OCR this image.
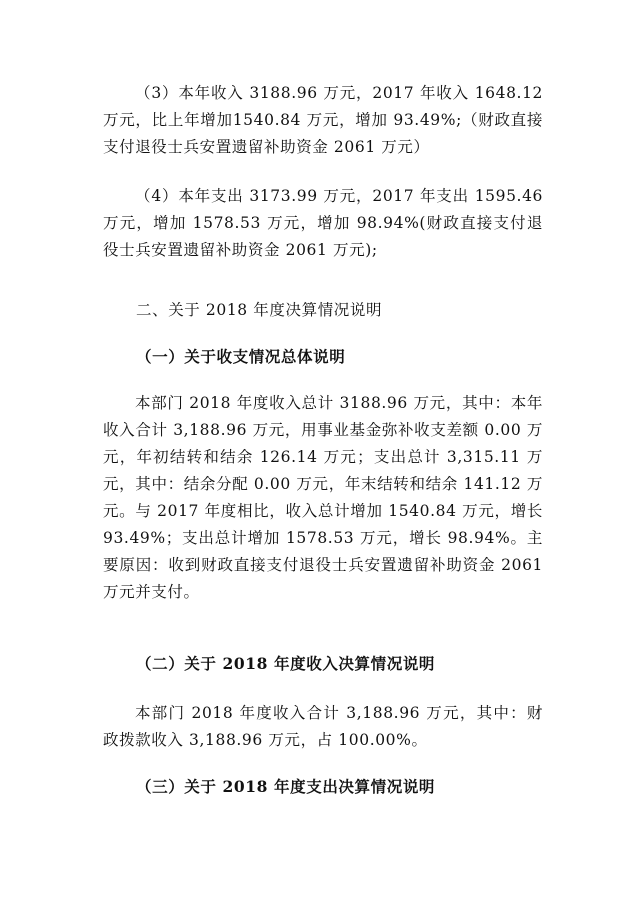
（3）本年收入 3188.96 万元，2017 年收入 1648.12 万元，比上年增加1540.84 万元，增加 93.49%;（财政直接支付退役士兵安置遗留补助资金 2061 万元）

（4）本年支出 3173.99 万元，2017 年支出 1595.46 万元，增加 1578.53 万元，增加 98.94%(财政直接支付退役士兵安置遗留补助资金 2061 万元);

二、关于 2018 年度决算情况说明

（一）关于收支情况总体说明

本部门 2018 年度收入总计 3188.96 万元，其中：本年收入合计 3,188.96 万元，用事业基金弥补收支差额 0.00 万元，年初结转和结余 126.14 万元；支出总计 3,315.11 万元，其中：结余分配 0.00 万元，年末结转和结余 141.12 万元。与 2017 年度相比，收入总计增加 1540.84 万元，增长 93.49%；支出总计增加 1578.53 万元，增长 98.94%。主要原因：收到财政直接支付退役士兵安置遗留补助资金 2061 万元并支付。

（二）关于 2018 年度收入决算情况说明

本部门 2018 年度收入合计 3,188.96 万元，其中：财政拨款收入 3,188.96 万元，占 100.00%。

（三）关于 2018 年度支出决算情况说明
